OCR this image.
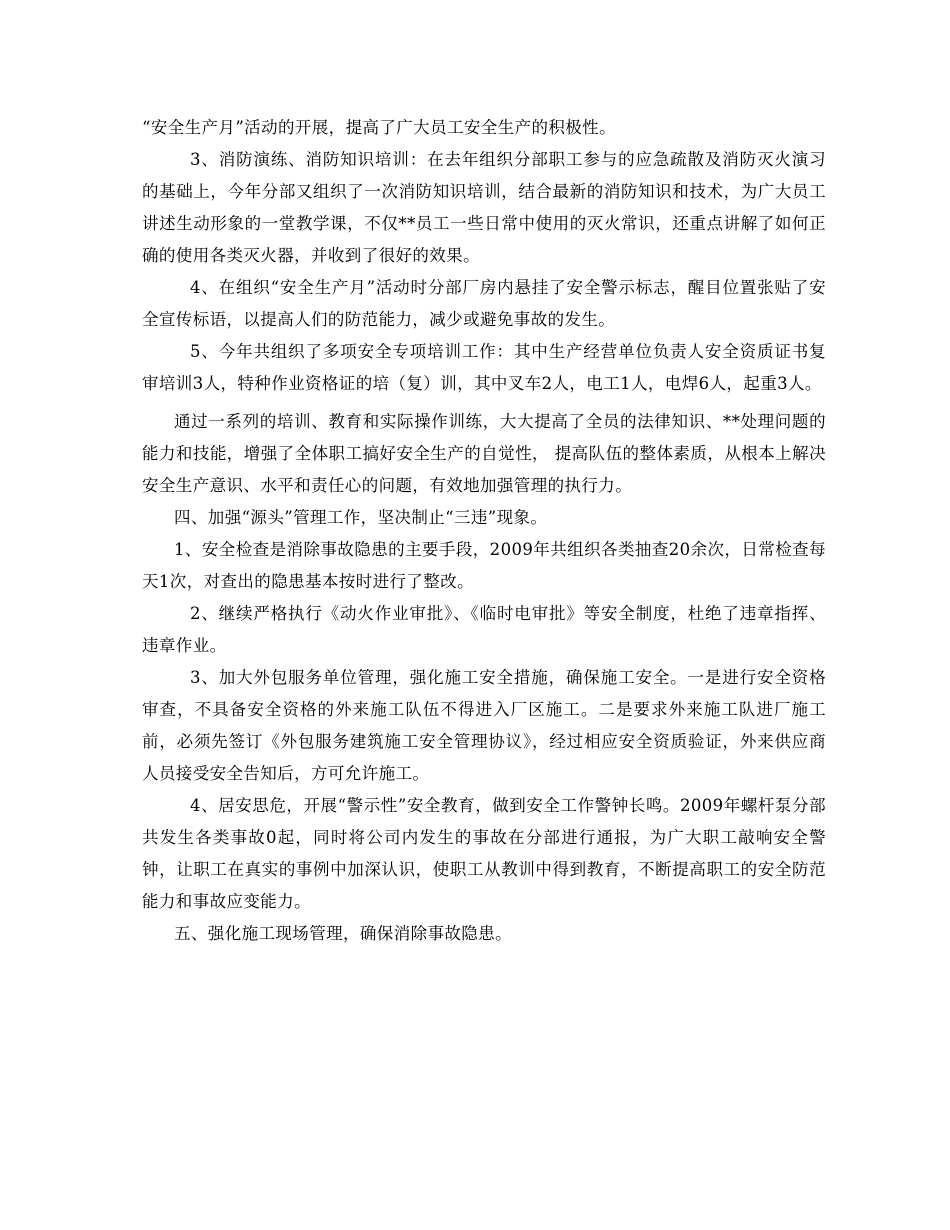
“安全生产月”活动的开展，提高了广大员工安全生产的积极性。

3、消防演练、消防知识培训：在去年组织分部职工参与的应急疏散及消防灭火演习的基础上，今年分部又组织了一次消防知识培训，结合最新的消防知识和技术，为广大员工讲述生动形象的一堂教学课，不仅**员工一些日常中使用的灭火常识，还重点讲解了如何正确的使用各类灭火器，并收到了很好的效果。

4、在组织“安全生产月”活动时分部厂房内悬挂了安全警示标志，醒目位置张贴了安全宣传标语，以提高人们的防范能力，减少或避免事故的发生。

5、今年共组织了多项安全专项培训工作：其中生产经营单位负责人安全资质证书复审培训3人，特种作业资格证的培（复）训，其中叉车2人，电工1人，电焊6人，起重3人。

通过一系列的培训、教育和实际操作训练，大大提高了全员的法律知识、**处理问题的能力和技能，增强了全体职工搞好安全生产的自觉性， 提高队伍的整体素质，从根本上解决安全生产意识、水平和责任心的问题，有效地加强管理的执行力。

四、加强“源头”管理工作，坚决制止“三违”现象。

1、安全检查是消除事故隐患的主要手段，2009年共组织各类抽查20余次，日常检查每天1次，对查出的隐患基本按时进行了整改。

2、继续严格执行《动火作业审批》、《临时电审批》等安全制度，杜绝了违章指挥、违章作业。

3、加大外包服务单位管理，强化施工安全措施，确保施工安全。一是进行安全资格审查，不具备安全资格的外来施工队伍不得进入厂区施工。二是要求外来施工队进厂施工前，必须先签订《外包服务建筑施工安全管理协议》，经过相应安全资质验证，外来供应商人员接受安全告知后，方可允许施工。

4、居安思危，开展“警示性”安全教育，做到安全工作警钟长鸣。2009年螺杆泵分部共发生各类事故0起，同时将公司内发生的事故在分部进行通报，为广大职工敲响安全警钟，让职工在真实的事例中加深认识，使职工从教训中得到教育，不断提高职工的安全防范能力和事故应变能力。

五、强化施工现场管理，确保消除事故隐患。
